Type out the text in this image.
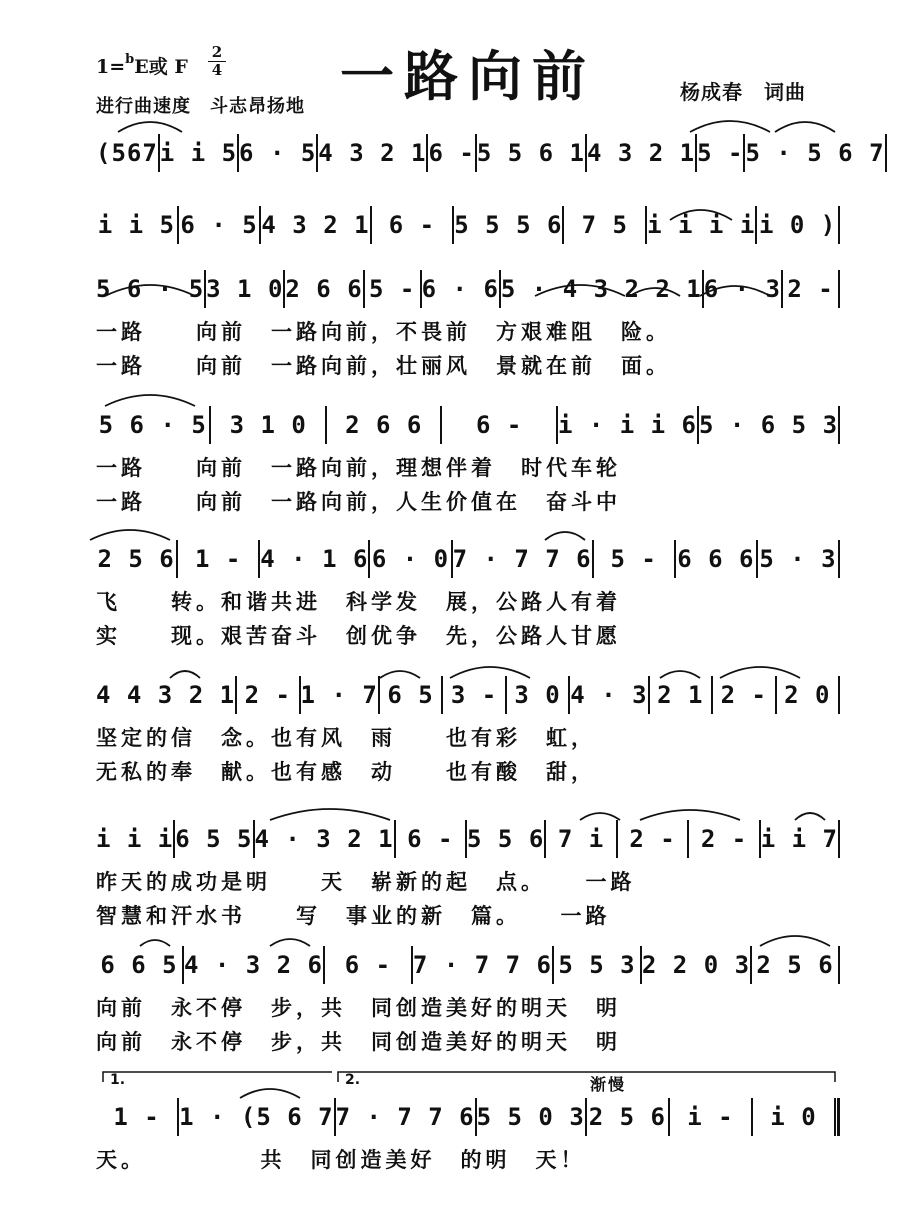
1=$^b$E或 F
2
4
进行曲速度　斗志昂扬地 一路向前	杨成春　词曲
(567 i i 5 6 · 5 4 3 2 1 6 - 5 5 6 1 4 3 2 1 5 - 5 · 5 6 7
i i 5 6 · 5 4 3 2 1 6 - 5 5 5 6 7 5 i i i i i 0 )
5 6 · 5 3 1 0 2 6 6 5 - 6 · 6 5 · 4 3 2 2 1 6 · 3 2 -
一路　　向前　一路向前，不畏前　方艰难阻　险。
一路　　向前　一路向前，壮丽风　景就在前　面。
5 6 · 5 3 1 0	2 6 6	6 -	i · i i 6 5 · 6 5 3
一路　　向前　一路向前，理想伴着　时代车轮
一路　　向前　一路向前，人生价值在　奋斗中
2 5 6 1 - 4 · 1 6 6 · 0 7 · 7 7 6 5 - 6 6 6 5 · 3
飞　　转。和谐共进　科学发　展，公路人有着
实　　现。艰苦奋斗　创优争　先，公路人甘愿
4 4 3 2 1 2 - 1 · 7 6 5 3 - 3 0 4 · 3 2 1 2 - 2 0
坚定的信　念。也有风　雨　　也有彩　虹，
无私的奉　献。也有感　动　　也有酸　甜，
i i i 6 5 5 4 · 3 2 1 6 - 5 5 6 7 i	2 -	2 - i i 7
昨天的成功是明　　天　崭新的起　点。　　一路
智慧和汗水书　　写　事业的新　篇。　　一路
6 6 5 4 · 3 2 6 6 - 7 · 7 7 6 5 5 3 2 2 0 3 2 5 6
向前　永不停　步，共　同创造美好的明天　明
向前　永不停　步，共　同创造美好的明天　明
1 - 1 · (5 6 7 7 · 7 7 6 5 5 0 3 2 5 6 i -	i 0
天。　　　　　共　同创造美好　的明　天！
1.	2.	渐慢
